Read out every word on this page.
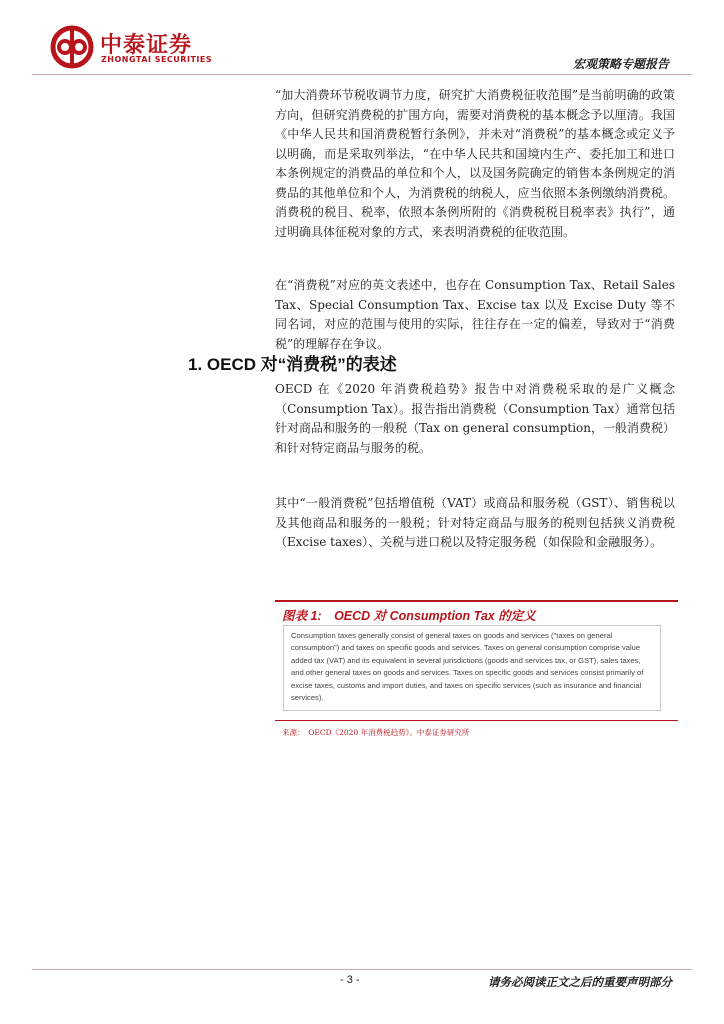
中泰证券
ZHONGTAI SECURITIES	宏观策略专题报告
“加大消费环节税收调节力度，研究扩大消费税征收范围”是当前明确的政策方向，但研究消费税的扩围方向，需要对消费税的基本概念予以厘清。我国《中华人民共和国消费税暂行条例》，并未对“消费税”的基本概念或定义予以明确，而是采取列举法，“在中华人民共和国境内生产、委托加工和进口本条例规定的消费品的单位和个人，以及国务院确定的销售本条例规定的消费品的其他单位和个人，为消费税的纳税人，应当依照本条例缴纳消费税。消费税的税目、税率，依照本条例所附的《消费税税目税率表》执行”，通过明确具体征税对象的方式，来表明消费税的征收范围。
在“消费税”对应的英文表述中，也存在 Consumption Tax、Retail Sales Tax、Special Consumption Tax、Excise tax 以及 Excise Duty 等不同名词，对应的范围与使用的实际，往往存在一定的偏差，导致对于“消费税”的理解存在争议。
1. OECD 对“消费税”的表述
OECD 在《2020 年消费税趋势》报告中对消费税采取的是广义概念（Consumption Tax）。报告指出消费税（Consumption Tax）通常包括针对商品和服务的一般税（Tax on general consumption，一般消费税）和针对特定商品与服务的税。
其中“一般消费税”包括增值税（VAT）或商品和服务税（GST）、销售税以及其他商品和服务的一般税；针对特定商品与服务的税则包括狭义消费税（Excise taxes）、关税与进口税以及特定服务税（如保险和金融服务）。
图表 1:　OECD 对 Consumption Tax 的定义
Consumption taxes generally consist of general taxes on goods and services ("taxes on general consumption") and taxes on specific goods and services. Taxes on general consumption comprise value added tax (VAT) and its equivalent in several jurisdictions (goods and services tax, or GST), sales taxes, and other general taxes on goods and services. Taxes on specific goods and services consist primarily of excise taxes, customs and import duties, and taxes on specific services (such as insurance and financial services).
来源：　OECD《2020 年消费税趋势》、中泰证券研究所
- 3 -	请务必阅读正文之后的重要声明部分
